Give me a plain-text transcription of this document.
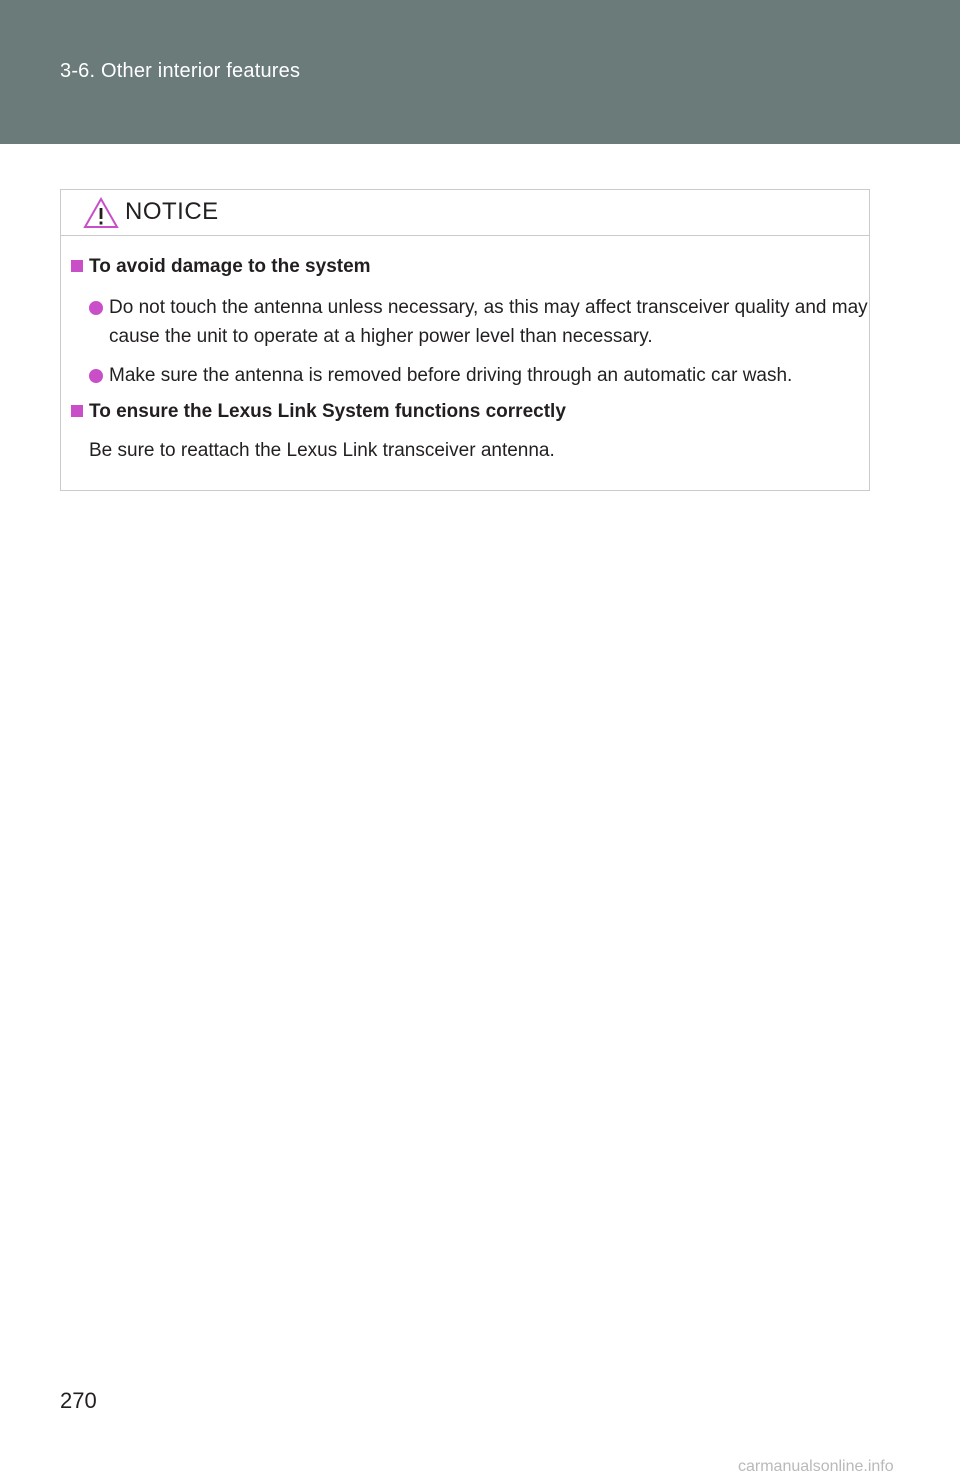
3-6. Other interior features
NOTICE
To avoid damage to the system
Do not touch the antenna unless necessary, as this may affect transceiver quality and may cause the unit to operate at a higher power level than necessary.
Make sure the antenna is removed before driving through an automatic car wash.
To ensure the Lexus Link System functions correctly
Be sure to reattach the Lexus Link transceiver antenna.
270
carmanualsonline.info
